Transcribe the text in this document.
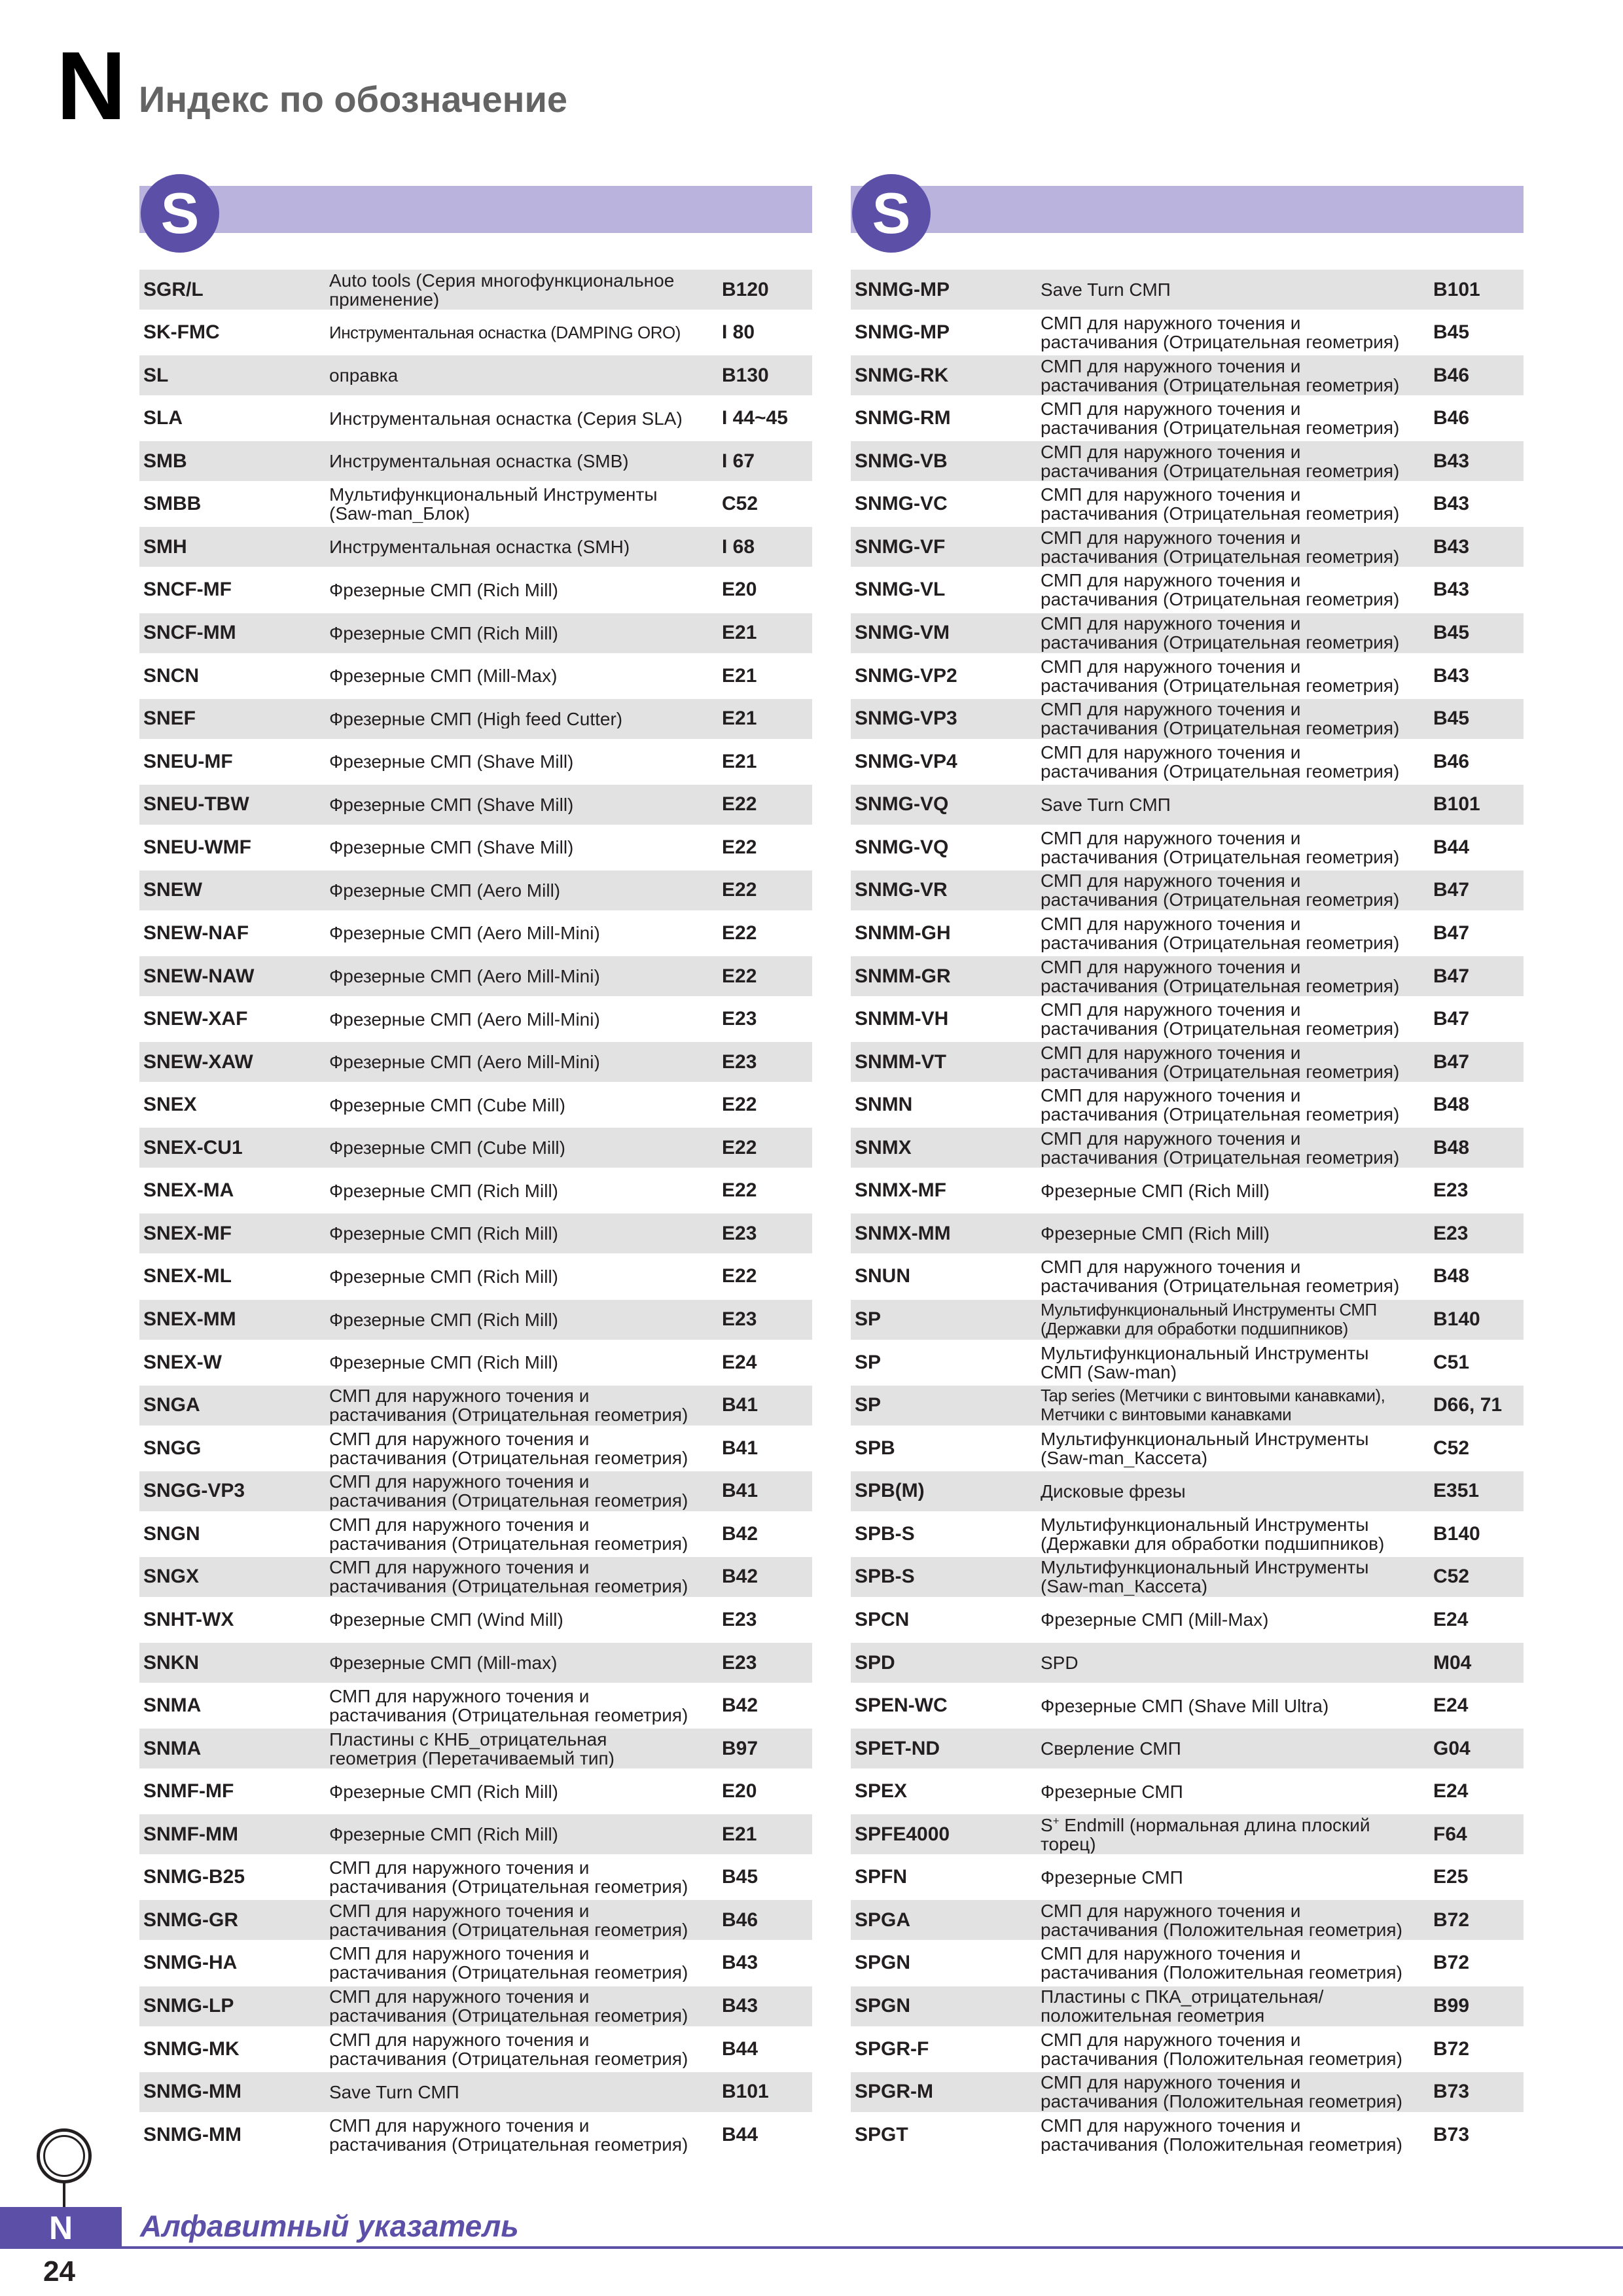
N Индекс по обозначение
S
SGR/L	Auto tools (Серия многофункциональное
применение)	B120
SK-FMC	Инструментальная оснастка (DAMPING ORO)	I 80
SL	оправка	B130
SLA	Инструментальная оснастка (Серия SLA)	I 44~45
SMB	Инструментальная оснастка (SMB)	I 67
SMBB	Мультифункциональный Инструменты
(Saw-man_Блок)	C52
SMH	Инструментальная оснастка (SMH)	I 68
SNCF-MF	Фрезерные СМП (Rich Mill)	E20
SNCF-MM	Фрезерные СМП (Rich Mill)	E21
SNCN	Фрезерные СМП (Mill-Max)	E21
SNEF	Фрезерные СМП (High feed Cutter)	E21
SNEU-MF	Фрезерные СМП (Shave Mill)	E21
SNEU-TBW	Фрезерные СМП (Shave Mill)	E22
SNEU-WMF	Фрезерные СМП (Shave Mill)	E22
SNEW	Фрезерные СМП (Aero Mill)	E22
SNEW-NAF	Фрезерные СМП (Aero Mill-Mini)	E22
SNEW-NAW	Фрезерные СМП (Aero Mill-Mini)	E22
SNEW-XAF	Фрезерные СМП (Aero Mill-Mini)	E23
SNEW-XAW	Фрезерные СМП (Aero Mill-Mini)	E23
SNEX	Фрезерные СМП (Cube Mill)	E22
SNEX-CU1	Фрезерные СМП (Cube Mill)	E22
SNEX-MA	Фрезерные СМП (Rich Mill)	E22
SNEX-MF	Фрезерные СМП (Rich Mill)	E23
SNEX-ML	Фрезерные СМП (Rich Mill)	E22
SNEX-MM	Фрезерные СМП (Rich Mill)	E23
SNEX-W	Фрезерные СМП (Rich Mill)	E24
SNGA	СМП для наружного точения и
растачивания (Отрицательная геометрия)	B41
SNGG	СМП для наружного точения и
растачивания (Отрицательная геометрия)	B41
SNGG-VP3	СМП для наружного точения и
растачивания (Отрицательная геометрия)	B41
SNGN	СМП для наружного точения и
растачивания (Отрицательная геометрия)	B42
SNGX	СМП для наружного точения и
растачивания (Отрицательная геометрия)	B42
SNHT-WX	Фрезерные СМП (Wind Mill)	E23
SNKN	Фрезерные СМП (Mill-max)	E23
SNMA	СМП для наружного точения и
растачивания (Отрицательная геометрия)	B42
SNMA	Пластины с КНБ_отрицательная
геометрия (Перетачиваемый тип)	B97
SNMF-MF	Фрезерные СМП (Rich Mill)	E20
SNMF-MM	Фрезерные СМП (Rich Mill)	E21
SNMG-B25	СМП для наружного точения и
растачивания (Отрицательная геометрия)	B45
SNMG-GR	СМП для наружного точения и
растачивания (Отрицательная геометрия)	B46
SNMG-HA	СМП для наружного точения и
растачивания (Отрицательная геометрия)	B43
SNMG-LP	СМП для наружного точения и
растачивания (Отрицательная геометрия)	B43
SNMG-MK	СМП для наружного точения и
растачивания (Отрицательная геометрия)	B44
SNMG-MM	Save Turn СМП	B101
SNMG-MM	СМП для наружного точения и
растачивания (Отрицательная геометрия)	B44
S
SNMG-MP	Save Turn СМП	B101
SNMG-MP	СМП для наружного точения и
растачивания (Отрицательная геометрия)	B45
SNMG-RK	СМП для наружного точения и
растачивания (Отрицательная геометрия)	B46
SNMG-RM	СМП для наружного точения и
растачивания (Отрицательная геометрия)	B46
SNMG-VB	СМП для наружного точения и
растачивания (Отрицательная геометрия)	B43
SNMG-VC	СМП для наружного точения и
растачивания (Отрицательная геометрия)	B43
SNMG-VF	СМП для наружного точения и
растачивания (Отрицательная геометрия)	B43
SNMG-VL	СМП для наружного точения и
растачивания (Отрицательная геометрия)	B43
SNMG-VM	СМП для наружного точения и
растачивания (Отрицательная геометрия)	B45
SNMG-VP2	СМП для наружного точения и
растачивания (Отрицательная геометрия)	B43
SNMG-VP3	СМП для наружного точения и
растачивания (Отрицательная геометрия)	B45
SNMG-VP4	СМП для наружного точения и
растачивания (Отрицательная геометрия)	B46
SNMG-VQ	Save Turn СМП	B101
SNMG-VQ	СМП для наружного точения и
растачивания (Отрицательная геометрия)	B44
SNMG-VR	СМП для наружного точения и
растачивания (Отрицательная геометрия)	B47
SNMM-GH	СМП для наружного точения и
растачивания (Отрицательная геометрия)	B47
SNMM-GR	СМП для наружного точения и
растачивания (Отрицательная геометрия)	B47
SNMM-VH	СМП для наружного точения и
растачивания (Отрицательная геометрия)	B47
SNMM-VT	СМП для наружного точения и
растачивания (Отрицательная геометрия)	B47
SNMN	СМП для наружного точения и
растачивания (Отрицательная геометрия)	B48
SNMX	СМП для наружного точения и
растачивания (Отрицательная геометрия)	B48
SNMX-MF	Фрезерные СМП (Rich Mill)	E23
SNMX-MM	Фрезерные СМП (Rich Mill)	E23
SNUN	СМП для наружного точения и
растачивания (Отрицательная геометрия)	B48
SP	Мультифункциональный Инструменты СМП
(Державки для обработки подшипников)	B140
SP	Мультифункциональный Инструменты
СМП (Saw-man)	C51
SP	Tap series (Метчики с винтовыми канавками),
Метчики с винтовыми канавками	D66, 71
SPB	Мультифункциональный Инструменты
(Saw-man_Кассета)	C52
SPB(M)	Дисковые фрезы	E351
SPB-S	Мультифункциональный Инструменты
(Державки для обработки подшипников)	B140
SPB-S	Мультифункциональный Инструменты
(Saw-man_Кассета)	C52
SPCN	Фрезерные СМП (Mill-Max)	E24
SPD	SPD	M04
SPEN-WC	Фрезерные СМП (Shave Mill Ultra)	E24
SPET-ND	Сверление СМП	G04
SPEX	Фрезерные СМП	E24
SPFE4000	S+ Endmill (нормальная длина плоский
торец)	F64
SPFN	Фрезерные СМП	E25
SPGA	СМП для наружного точения и
растачивания (Положительная геометрия)	B72
SPGN	СМП для наружного точения и
растачивания (Положительная геометрия)	B72
SPGN	Пластины с ПКА_отрицательная/
положительная геометрия	B99
SPGR-F	СМП для наружного точения и
растачивания (Положительная геометрия)	B72
SPGR-M	СМП для наружного точения и
растачивания (Положительная геометрия)	B73
SPGT	СМП для наружного точения и
растачивания (Положительная геометрия)	B73
N	Алфавитный указатель
24
